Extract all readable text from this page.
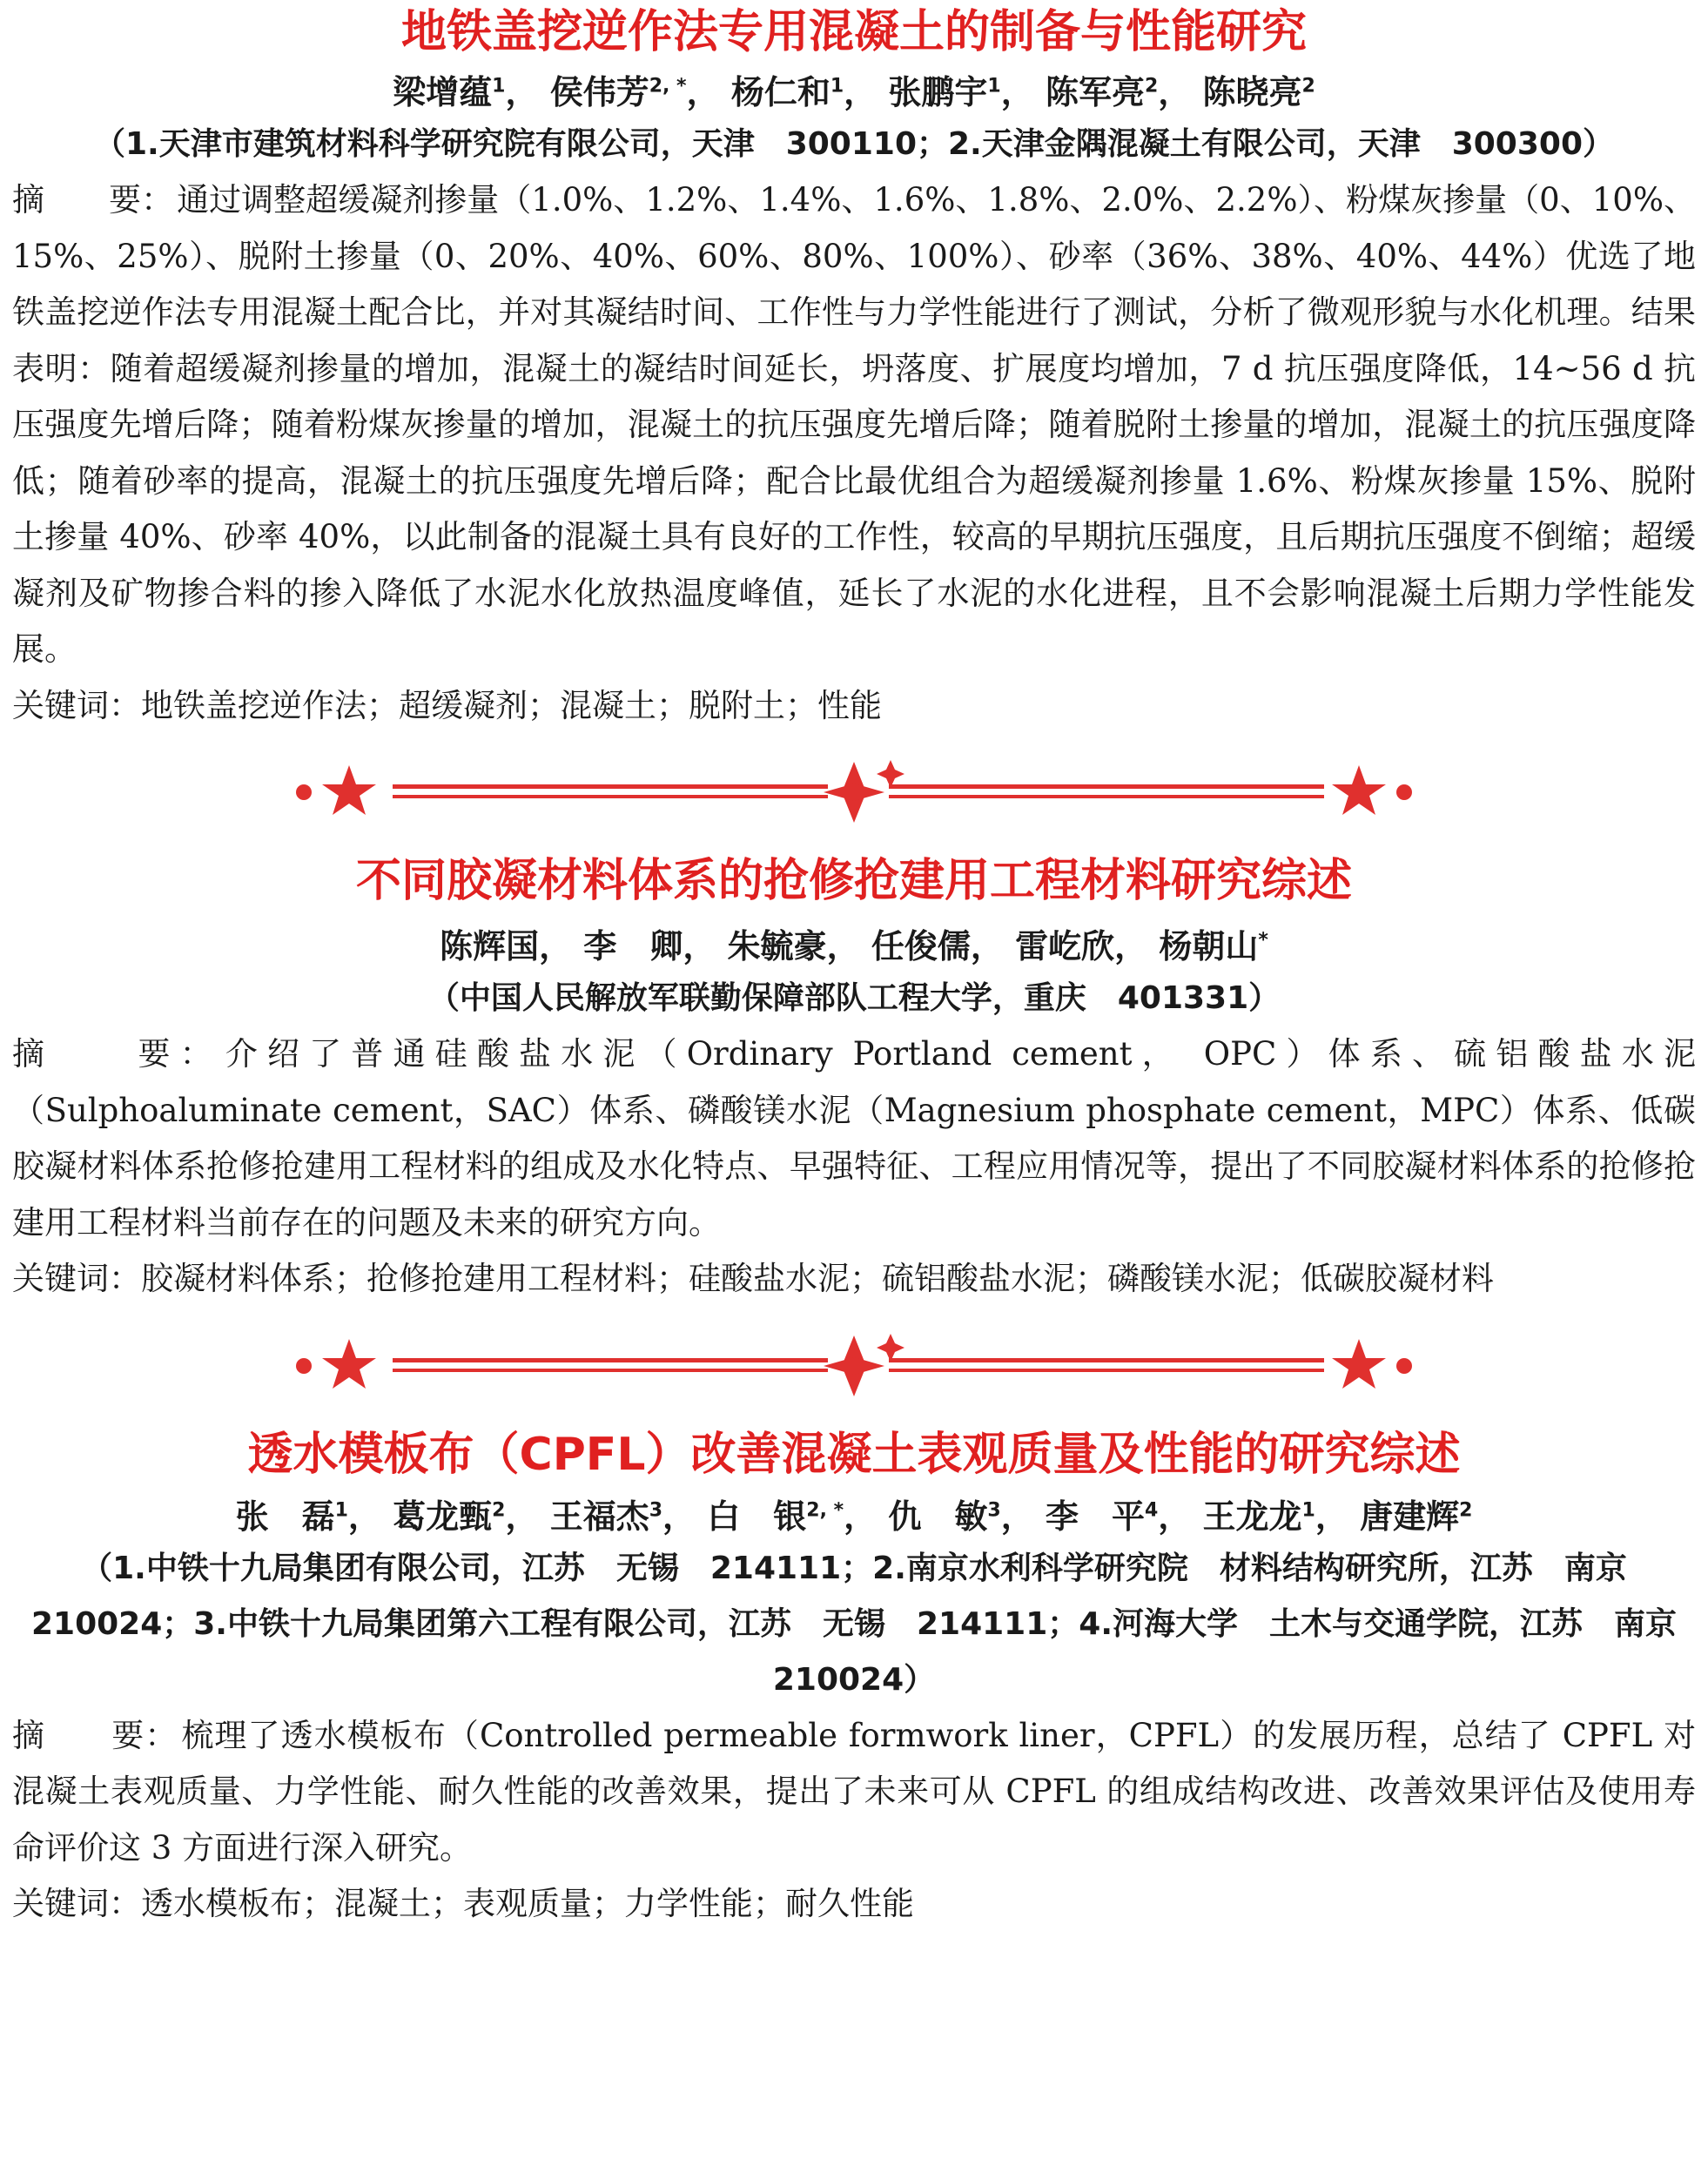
地铁盖挖逆作法专用混凝土的制备与性能研究

梁增蕴$^1$， 侯伟芳$^{2, *}$， 杨仁和$^1$， 张鹏宇$^1$， 陈军亮$^2$， 陈晓亮$^2$

（1.天津市建筑材料科学研究院有限公司，天津　300110；2.天津金隅混凝土有限公司，天津　300300）

摘　　要： 通过调整超缓凝剂掺量（1.0%、1.2%、1.4%、1.6%、1.8%、2.0%、2.2%）、粉煤灰掺量（0、10%、15%、25%）、脱附土掺量（0、20%、40%、60%、80%、100%）、砂率（36%、38%、40%、44%）优选了地铁盖挖逆作法专用混凝土配合比，并对其凝结时间、工作性与力学性能进行了测试，分析了微观形貌与水化机理。结果表明：随着超缓凝剂掺量的增加，混凝土的凝结时间延长，坍落度、扩展度均增加，7 d 抗压强度降低，14~56 d 抗压强度先增后降；随着粉煤灰掺量的增加，混凝土的抗压强度先增后降；随着脱附土掺量的增加，混凝土的抗压强度降低；随着砂率的提高，混凝土的抗压强度先增后降；配合比最优组合为超缓凝剂掺量 1.6%、粉煤灰掺量 15%、脱附土掺量 40%、砂率 40%，以此制备的混凝土具有良好的工作性，较高的早期抗压强度，且后期抗压强度不倒缩；超缓凝剂及矿物掺合料的掺入降低了水泥水化放热温度峰值，延长了水泥的水化进程，且不会影响混凝土后期力学性能发展。

关键词：地铁盖挖逆作法；超缓凝剂；混凝土；脱附土；性能

不同胶凝材料体系的抢修抢建用工程材料研究综述

陈辉国， 李　卿， 朱毓豪， 任俊儒， 雷屹欣， 杨朝山*

（中国人民解放军联勤保障部队工程大学，重庆　401331）

摘　　要： 介绍了普通硅酸盐水泥（Ordinary Portland cement， OPC）体系、硫铝酸盐水泥（Sulphoaluminate cement，SAC）体系、磷酸镁水泥（Magnesium phosphate cement，MPC）体系、低碳胶凝材料体系抢修抢建用工程材料的组成及水化特点、早强特征、工程应用情况等，提出了不同胶凝材料体系的抢修抢建用工程材料当前存在的问题及未来的研究方向。

关键词：胶凝材料体系；抢修抢建用工程材料；硅酸盐水泥；硫铝酸盐水泥；磷酸镁水泥；低碳胶凝材料

透水模板布（CPFL）改善混凝土表观质量及性能的研究综述

张　磊$^1$， 葛龙甄$^2$， 王福杰$^3$， 白　银$^{2, *}$， 仇　敏$^3$， 李　平$^4$， 王龙龙$^1$， 唐建辉$^2$

（1.中铁十九局集团有限公司，江苏　无锡　214111；2.南京水利科学研究院　材料结构研究所，江苏　南京　210024；3.中铁十九局集团第六工程有限公司，江苏　无锡　214111；4.河海大学　土木与交通学院，江苏　南京　210024）

摘　　要： 梳理了透水模板布（Controlled permeable formwork liner，CPFL）的发展历程，总结了 CPFL 对混凝土表观质量、力学性能、耐久性能的改善效果，提出了未来可从 CPFL 的组成结构改进、改善效果评估及使用寿命评价这 3 方面进行深入研究。

关键词：透水模板布；混凝土；表观质量；力学性能；耐久性能
